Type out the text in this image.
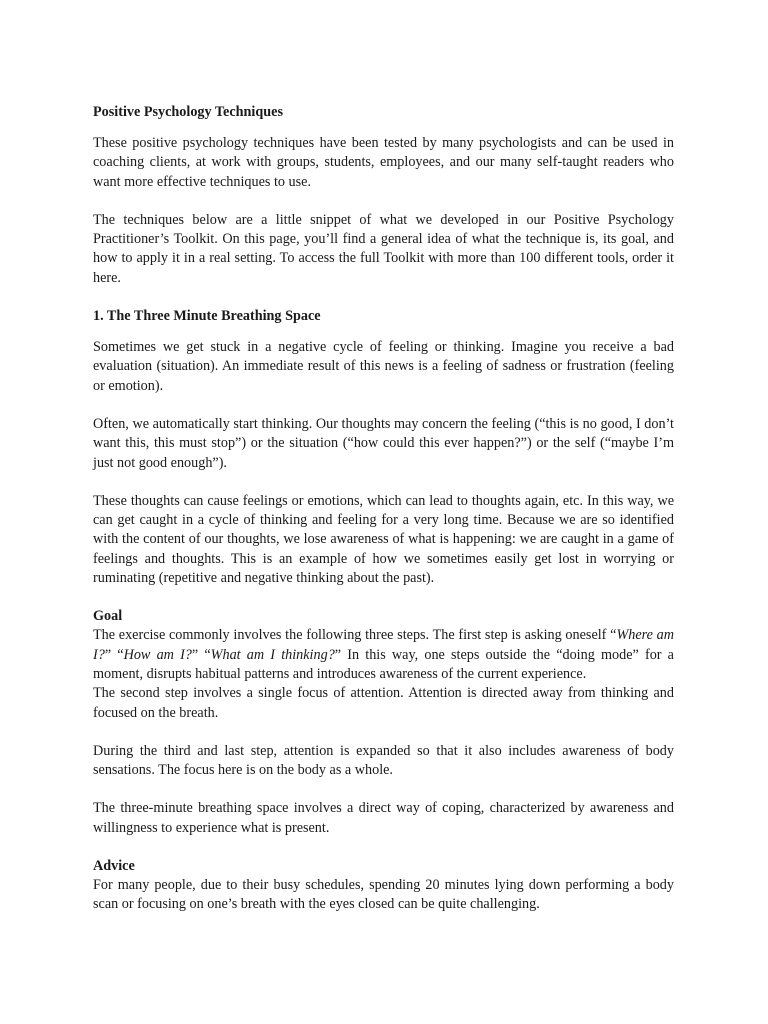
Positive Psychology Techniques

These positive psychology techniques have been tested by many psychologists and can be used in coaching clients, at work with groups, students, employees, and our many self-taught readers who want more effective techniques to use.

The techniques below are a little snippet of what we developed in our Positive Psychology Practitioner’s Toolkit. On this page, you’ll find a general idea of what the technique is, its goal, and how to apply it in a real setting. To access the full Toolkit with more than 100 different tools, order it here.

1. The Three Minute Breathing Space

Sometimes we get stuck in a negative cycle of feeling or thinking. Imagine you receive a bad evaluation (situation). An immediate result of this news is a feeling of sadness or frustration (feeling or emotion).

Often, we automatically start thinking. Our thoughts may concern the feeling (“this is no good, I don’t want this, this must stop”) or the situation (“how could this ever happen?”) or the self (“maybe I’m just not good enough”).

These thoughts can cause feelings or emotions, which can lead to thoughts again, etc. In this way, we can get caught in a cycle of thinking and feeling for a very long time. Because we are so identified with the content of our thoughts, we lose awareness of what is happening: we are caught in a game of feelings and thoughts. This is an example of how we sometimes easily get lost in worrying or ruminating (repetitive and negative thinking about the past).

Goal

The exercise commonly involves the following three steps. The first step is asking oneself “Where am I?” “How am I?” “What am I thinking?” In this way, one steps outside the “doing mode” for a moment, disrupts habitual patterns and introduces awareness of the current experience.

The second step involves a single focus of attention. Attention is directed away from thinking and focused on the breath.

During the third and last step, attention is expanded so that it also includes awareness of body sensations. The focus here is on the body as a whole.

The three-minute breathing space involves a direct way of coping, characterized by awareness and willingness to experience what is present.

Advice

For many people, due to their busy schedules, spending 20 minutes lying down performing a body scan or focusing on one’s breath with the eyes closed can be quite challenging.
